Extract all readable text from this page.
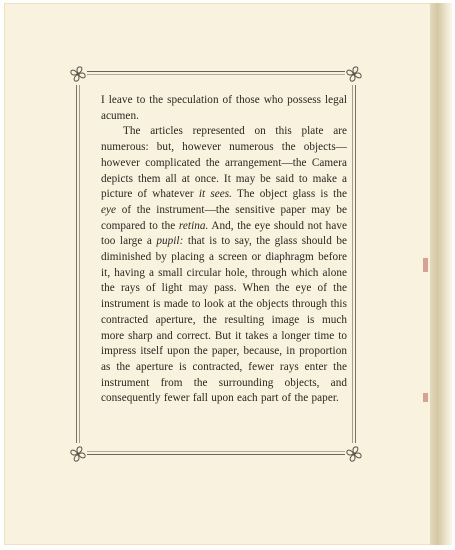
I leave to the speculation of those who possess legal acumen.

The articles represented on this plate are numerous: but, however numerous the objects—however complicated the arrangement—the Camera depicts them all at once. It may be said to make a picture of whatever it sees. The object glass is the eye of the instrument—the sensitive paper may be compared to the retina. And, the eye should not have too large a pupil: that is to say, the glass should be diminished by placing a screen or diaphragm before it, having a small circular hole, through which alone the rays of light may pass. When the eye of the instrument is made to look at the objects through this contracted aperture, the resulting image is much more sharp and correct. But it takes a longer time to impress itself upon the paper, because, in proportion as the aperture is contracted, fewer rays enter the instrument from the surrounding objects, and consequently fewer fall upon each part of the paper.
